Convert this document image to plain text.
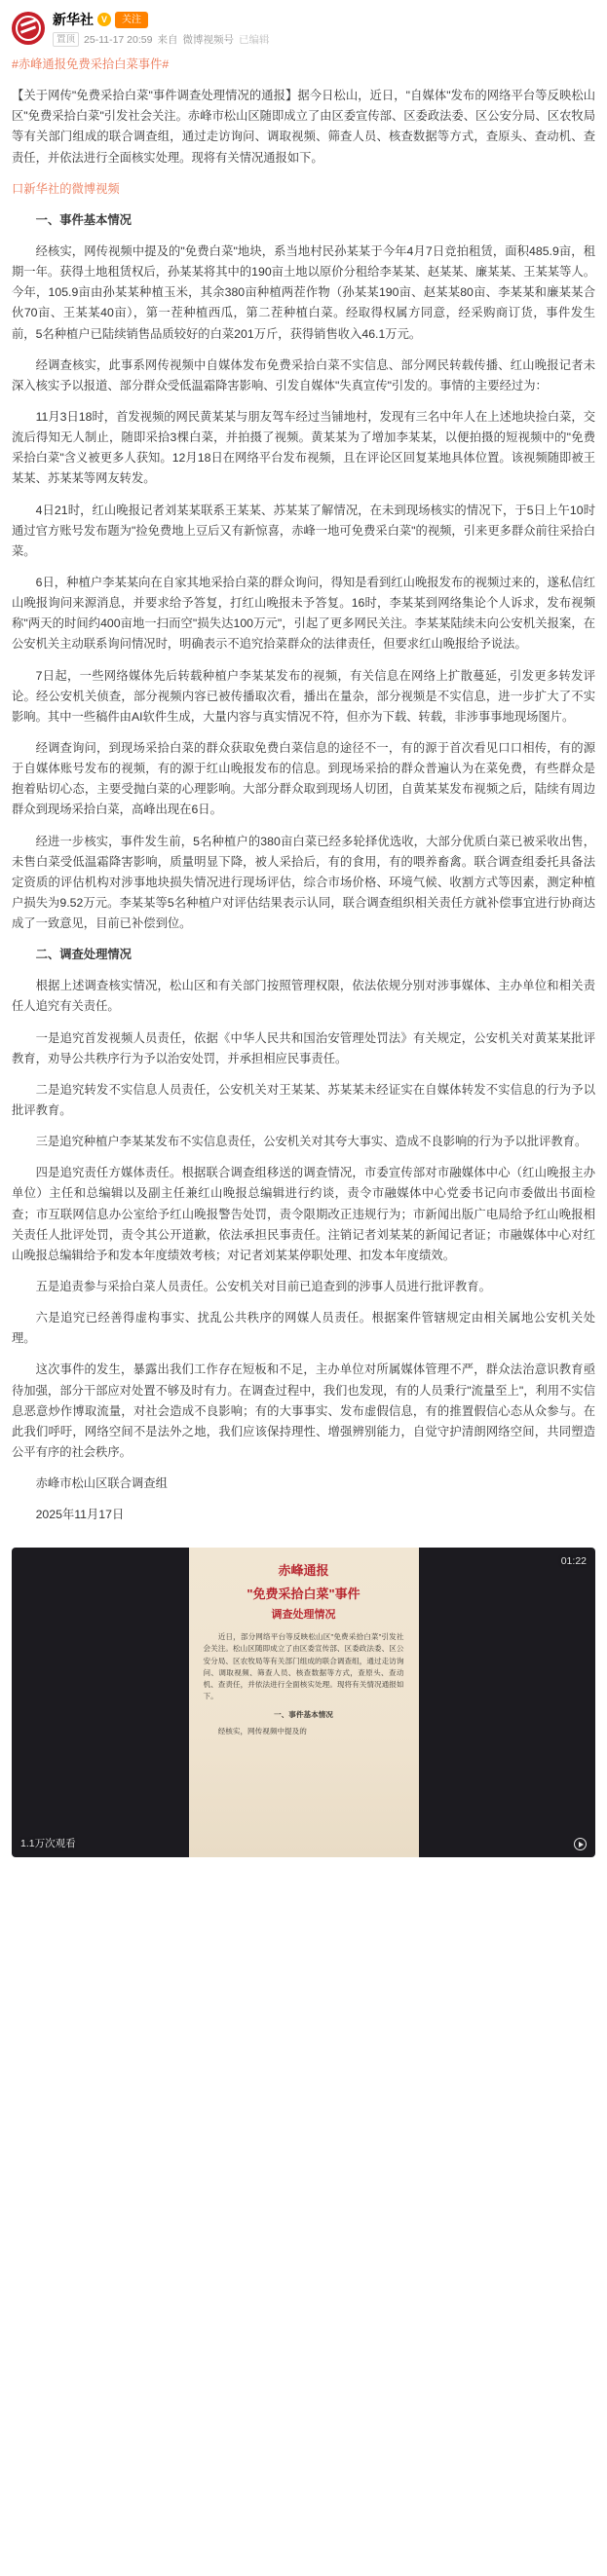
新华社 V	关注
置顶 25-11-17 20:59 来自 微博视频号 已编辑

#赤峰通报免费采拾白菜事件#

【关于网传"免费采拾白菜"事件调查处理情况的通报】据今日松山，近日，"自媒体"发布的网络平台等反映松山区"免费采拾白菜"引发社会关注。赤峰市松山区随即成立了由区委宣传部、区委政法委、区公安分局、区农牧局等有关部门组成的联合调查组，通过走访询问、调取视频、筛查人员、核查数据等方式，查原头、查动机、查责任，并依法进行全面核实处理。现将有关情况通报如下。

口新华社的微博视频

一、事件基本情况

经核实，网传视频中提及的"免费白菜"地块，系当地村民孙某某于今年4月7日竞拍租赁，面积485.9亩，租期一年。获得土地租赁权后，孙某某将其中的190亩土地以原价分租给李某某、赵某某、廉某某、王某某等人。今年，105.9亩由孙某某种植玉米，其余380亩种植两茬作物（孙某某190亩、赵某某80亩、李某某和廉某某合伙70亩、王某某40亩），第一茬种植西瓜，第二茬种植白菜。经取得权属方同意，经采购商订货，事件发生前，5名种植户已陆续销售品质较好的白菜201万斤，获得销售收入46.1万元。

经调查核实，此事系网传视频中自媒体发布免费采拾白菜不实信息、部分网民转载传播、红山晚报记者未深入核实予以报道、部分群众受低温霜降害影响、引发自媒体"失真宣传"引发的。事情的主要经过为：

11月3日18时，首发视频的网民黄某某与朋友驾车经过当铺地村，发现有三名中年人在上述地块捡白菜，交流后得知无人制止，随即采拾3棵白菜，并拍摄了视频。黄某某为了增加李某某，以便拍摄的短视频中的"免费采拾白菜"含义被更多人获知。12月18日在网络平台发布视频，且在评论区回复某地具体位置。该视频随即被王某某、苏某某等网友转发。

4日21时，红山晚报记者刘某某联系王某某、苏某某了解情况，在未到现场核实的情况下，于5日上午10时通过官方账号发布题为"捡免费地上豆后又有新惊喜，赤峰一地可免费采白菜"的视频，引来更多群众前往采拾白菜。

6日，种植户李某某向在自家其地采拾白菜的群众询问，得知是看到红山晚报发布的视频过来的，遂私信红山晚报询问来源消息，并要求给予答复，打红山晚报未予答复。16时，李某某到网络集论个人诉求，发布视频称"两天的时间约400亩地一扫而空"损失达100万元"，引起了更多网民关注。李某某陆续未向公安机关报案，在公安机关主动联系询问情况时，明确表示不追究拾菜群众的法律责任，但要求红山晚报给予说法。

7日起，一些网络媒体先后转载种植户李某某发布的视频，有关信息在网络上扩散蔓延，引发更多转发评论。经公安机关侦查，部分视频内容已被传播取次看，播出在量杂，部分视频是不实信息，进一步扩大了不实影响。其中一些稿件由AI软件生成，大量内容与真实情况不符，但亦为下载、转载，非涉事事地现场图片。

经调查询问，到现场采拾白菜的群众获取免费白菜信息的途径不一，有的源于首次看见口口相传，有的源于自媒体账号发布的视频，有的源于红山晚报发布的信息。到现场采拾的群众普遍认为在菜免费，有些群众是抱着贴切心态，主要受抛白菜的心理影响。大部分群众取到现场人切团，自黄某某发布视频之后，陆续有周边群众到现场采拾白菜，高峰出现在6日。

经进一步核实，事件发生前，5名种植户的380亩白菜已经多轮择优选收，大部分优质白菜已被采收出售，未售白菜受低温霜降害影响，质量明显下降，被人采拾后，有的食用，有的喂养畜禽。联合调查组委托具备法定资质的评估机构对涉事地块损失情况进行现场评估，综合市场价格、环境气候、收割方式等因素，测定种植户损失为9.52万元。李某某等5名种植户对评估结果表示认同，联合调查组织相关责任方就补偿事宜进行协商达成了一致意见，目前已补偿到位。

二、调查处理情况

根据上述调查核实情况，松山区和有关部门按照管理权限，依法依规分别对涉事媒体、主办单位和相关责任人追究有关责任。

一是追究首发视频人员责任，依据《中华人民共和国治安管理处罚法》有关规定，公安机关对黄某某批评教育，劝导公共秩序行为予以治安处罚，并承担相应民事责任。

二是追究转发不实信息人员责任，公安机关对王某某、苏某某未经证实在自媒体转发不实信息的行为予以批评教育。

三是追究种植户李某某发布不实信息责任，公安机关对其夸大事实、造成不良影响的行为予以批评教育。

四是追究责任方媒体责任。根据联合调查组移送的调查情况，市委宣传部对市融媒体中心（红山晚报主办单位）主任和总编辑以及副主任兼红山晚报总编辑进行约谈，责令市融媒体中心党委书记向市委做出书面检查；市互联网信息办公室给予红山晚报警告处罚，责令限期改正违规行为；市新闻出版广电局给予红山晚报相关责任人批评处罚，责令其公开道歉，依法承担民事责任。注销记者刘某某的新闻记者证；市融媒体中心对红山晚报总编辑给予和发本年度绩效考核；对记者刘某某停职处理、扣发本年度绩效。

五是追责参与采拾白菜人员责任。公安机关对目前已追查到的涉事人员进行批评教育。

六是追究已经善得虚构事实、扰乱公共秩序的网媒人员责任。根据案件管辖规定由相关属地公安机关处理。

这次事件的发生，暴露出我们工作存在短板和不足，主办单位对所属媒体管理不严，群众法治意识教育亟待加强，部分干部应对处置不够及时有力。在调查过程中，我们也发现，有的人员秉行"流量至上"，利用不实信息恶意炒作博取流量，对社会造成不良影响；有的大事事实、发布虚假信息，有的推置假信心态从众参与。在此我们呼吁，网络空间不是法外之地，我们应该保持理性、增强辨别能力，自觉守护清朗网络空间，共同塑造公平有序的社会秩序。

赤峰市松山区联合调查组

2025年11月17日

赤峰通报
"免费采拾白菜"事件
调查处理情况

近日，部分网络平台等反映松山区"免费采拾白菜"引发社会关注。松山区随即成立了由区委宣传部、区委政法委、区公安分局、区农牧局等有关部门组成的联合调查组，通过走访询问、调取视频、筛查人员、核查数据等方式，查原头、查动机、查责任，并依法进行全面核实处理。现将有关情况通报如下。

一、事件基本情况

经核实，网传视频中提及的

01:22
1.1万次观看
